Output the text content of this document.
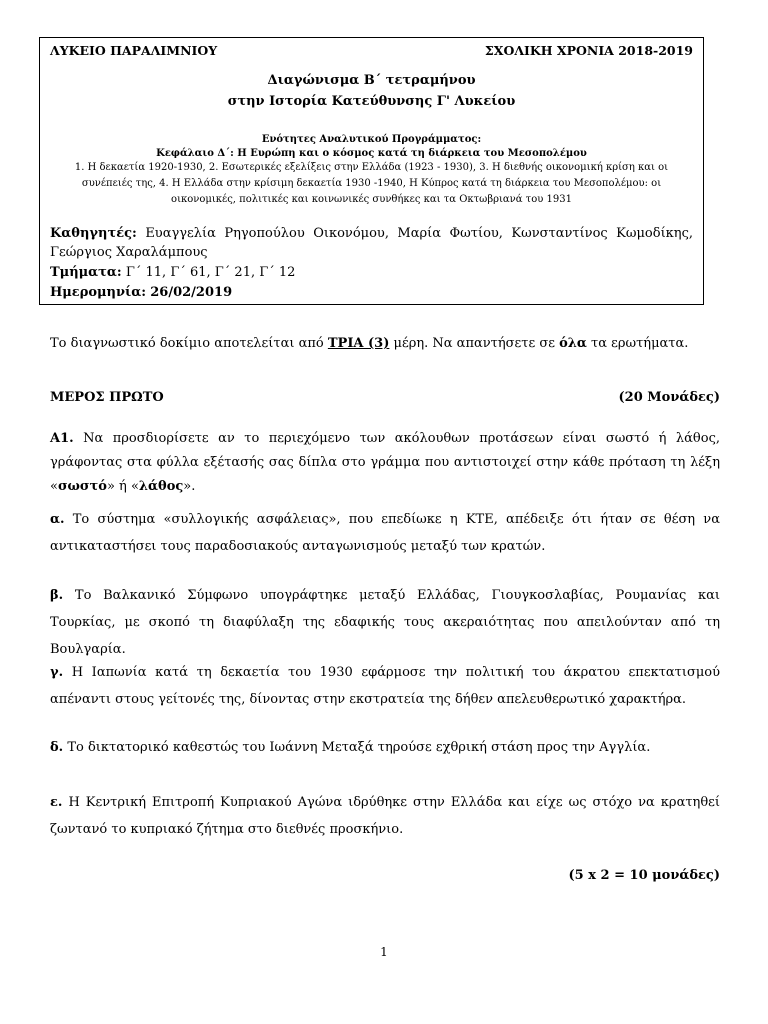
ΛΥΚΕΙΟ ΠΑΡΑΛΙΜΝΙΟΥ	ΣΧΟΛΙΚΗ ΧΡΟΝΙΑ 2018-2019
Διαγώνισμα Β΄ τετραμήνου
στην Ιστορία Κατεύθυνσης Γ' Λυκείου
Ενότητες Αναλυτικού Προγράμματος:
Κεφάλαιο Δ΄: Η Ευρώπη και ο κόσμος κατά τη διάρκεια του Μεσοπολέμου
1. Η δεκαετία 1920-1930, 2. Εσωτερικές εξελίξεις στην Ελλάδα (1923 - 1930), 3. Η διεθνής οικονομική κρίση και οι
συνέπειές της, 4. Η Ελλάδα στην κρίσιμη δεκαετία 1930 -1940, Η Κύπρος κατά τη διάρκεια του Μεσοπολέμου: οι
οικονομικές, πολιτικές και κοινωνικές συνθήκες και τα Οκτωβριανά του 1931
Καθηγητές: Ευαγγελία Ρηγοπούλου Οικονόμου, Μαρία Φωτίου, Κωνσταντίνος Κωμοδίκης, Γεώργιος Χαραλάμπους
Τμήματα: Γ΄ 11, Γ΄ 61, Γ΄ 21, Γ΄ 12
Ημερομηνία: 26/02/2019
Το διαγνωστικό δοκίμιο αποτελείται από ΤΡΙΑ (3) μέρη. Να απαντήσετε σε όλα τα ερωτήματα.
ΜΕΡΟΣ ΠΡΩΤΟ	(20 Μονάδες)
Α1. Να προσδιορίσετε αν το περιεχόμενο των ακόλουθων προτάσεων είναι σωστό ή λάθος, γράφοντας στα φύλλα εξέτασής σας δίπλα στο γράμμα που αντιστοιχεί στην κάθε πρόταση τη λέξη «σωστό» ή «λάθος».
α. Το σύστημα «συλλογικής ασφάλειας», που επεδίωκε η ΚΤΕ, απέδειξε ότι ήταν σε θέση να αντικαταστήσει τους παραδοσιακούς ανταγωνισμούς μεταξύ των κρατών.
β. Το Βαλκανικό Σύμφωνο υπογράφτηκε μεταξύ Ελλάδας, Γιουγκοσλαβίας, Ρουμανίας και Τουρκίας, με σκοπό τη διαφύλαξη της εδαφικής τους ακεραιότητας που απειλούνταν από τη Βουλγαρία.
γ. Η Ιαπωνία κατά τη δεκαετία του 1930 εφάρμοσε την πολιτική του άκρατου επεκτατισμού απέναντι στους γείτονές της, δίνοντας στην εκστρατεία της δήθεν απελευθερωτικό χαρακτήρα.
δ. Το δικτατορικό καθεστώς του Ιωάννη Μεταξά τηρούσε εχθρική στάση προς την Αγγλία.
ε. Η Κεντρική Επιτροπή Κυπριακού Αγώνα ιδρύθηκε στην Ελλάδα και είχε ως στόχο να κρατηθεί ζωντανό το κυπριακό ζήτημα στο διεθνές προσκήνιο.
(5 x 2 = 10 μονάδες)
1
